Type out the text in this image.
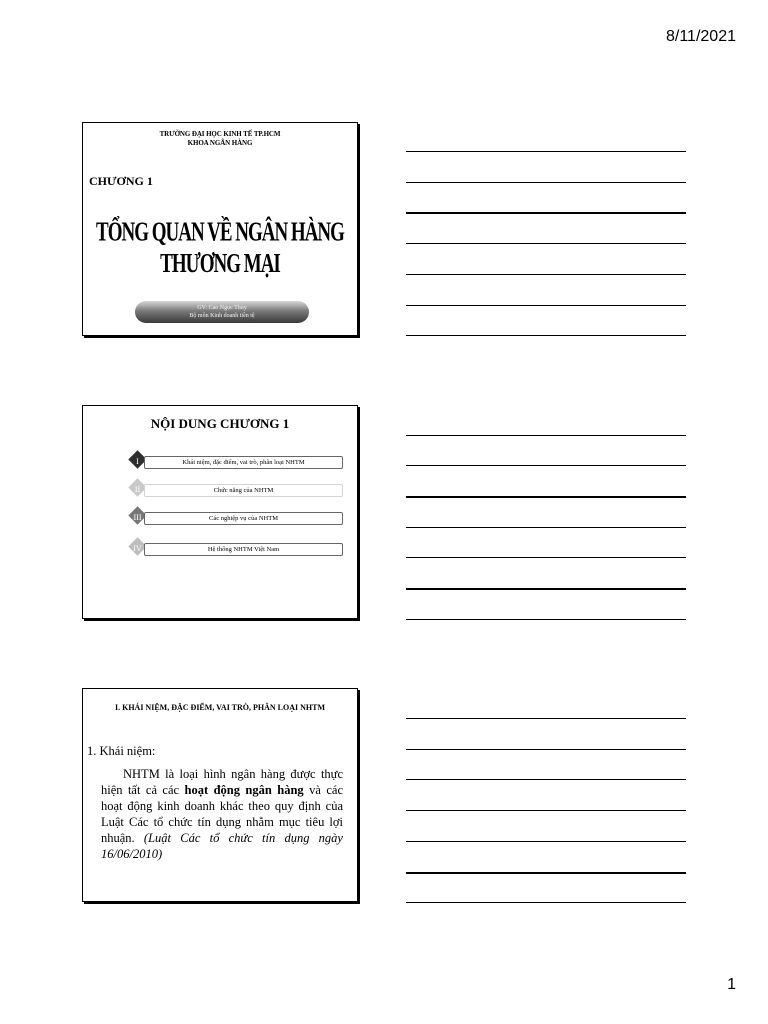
8/11/2021
TRƯỜNG ĐẠI HỌC KINH TẾ TP.HCM
KHOA NGÂN HÀNG
CHƯƠNG 1
TỔNG QUAN VỀ NGÂN HÀNG THƯƠNG MẠI
GV: Cao Ngọc Thủy
Bộ môn Kinh doanh tiền tệ
NỘI DUNG CHƯƠNG 1
I	Khái niệm, đặc điểm, vai trò, phân loại NHTM
II	Chức năng của NHTM
III	Các nghiệp vụ của NHTM
IV	Hệ thống NHTM Việt Nam
I. KHÁI NIỆM, ĐẶC ĐIỂM, VAI TRÒ, PHÂN LOẠI NHTM
1. Khái niệm:
NHTM là loại hình ngân hàng được thực hiện tất cả các hoạt động ngân hàng và các hoạt động kinh doanh khác theo quy định của Luật Các tổ chức tín dụng nhằm mục tiêu lợi nhuận. (Luật Các tổ chức tín dụng ngày 16/06/2010)
1
